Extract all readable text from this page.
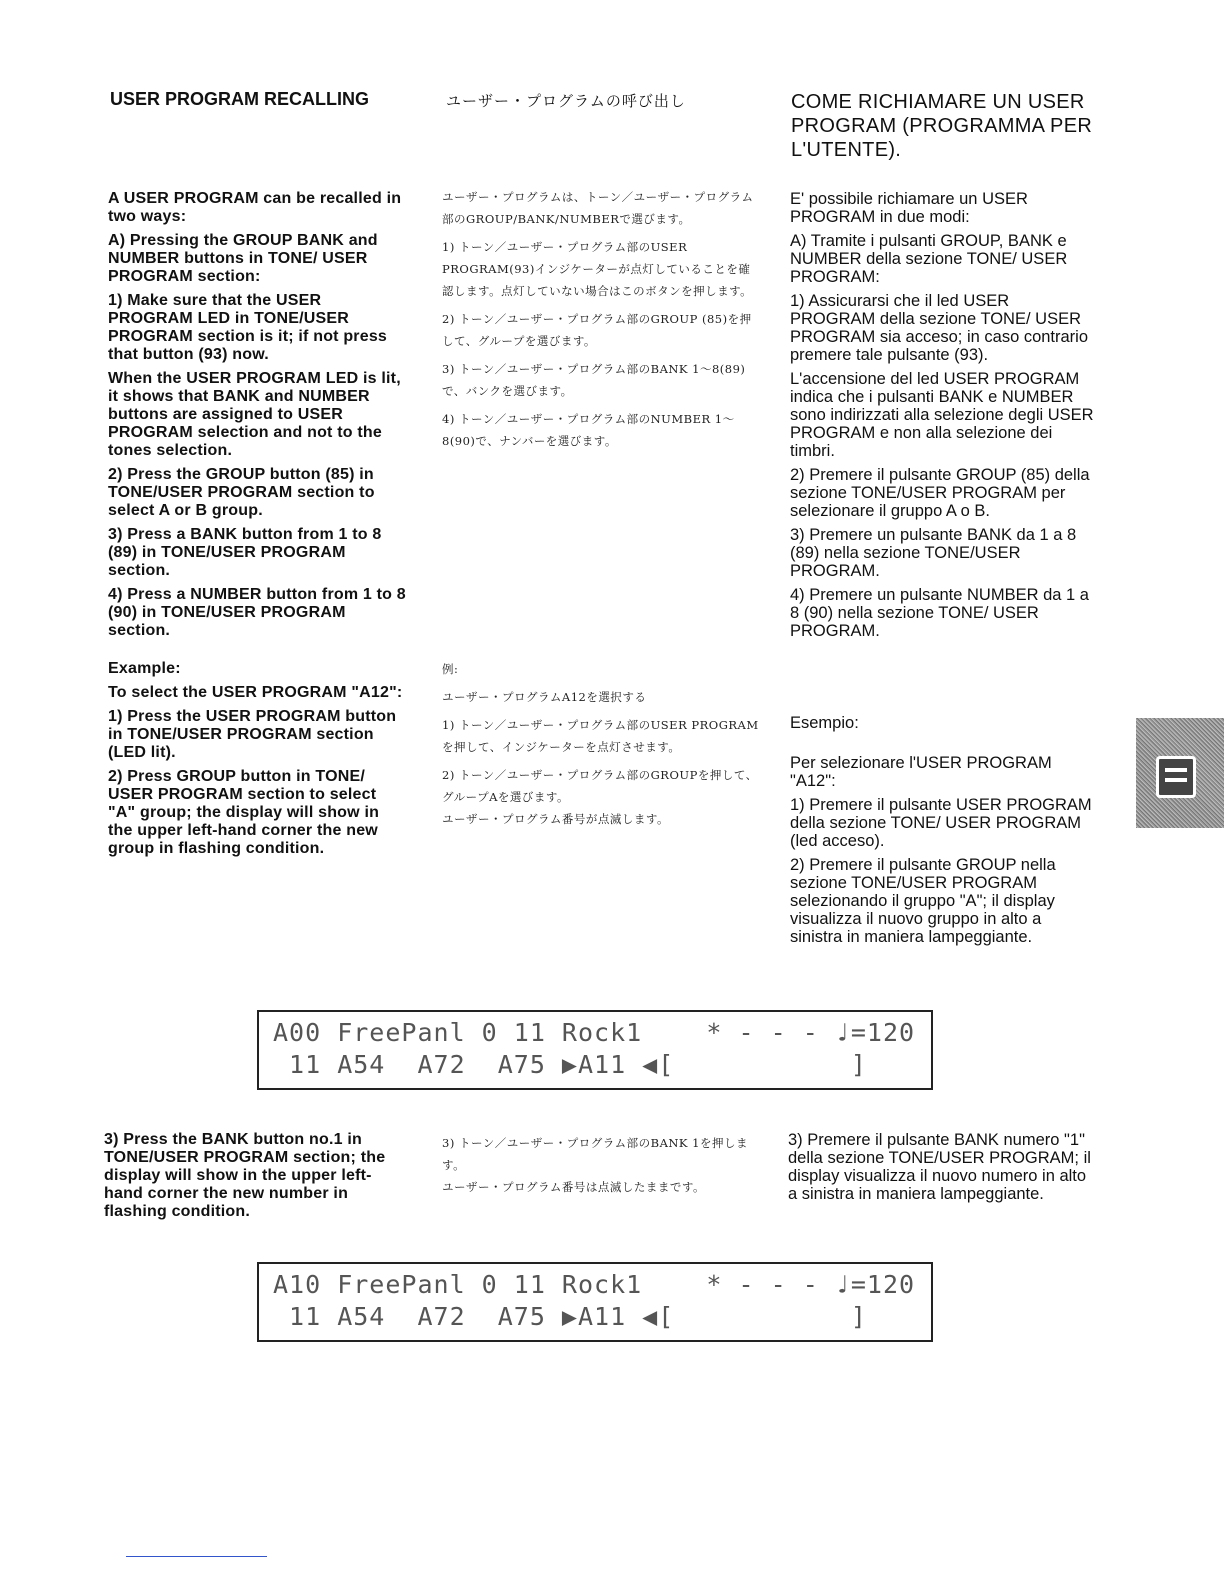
USER PROGRAM RECALLING	ユーザー・プログラムの呼び出し	COME RICHIAMARE UN USER PROGRAM (PROGRAMMA PER L'UTENTE).

A USER PROGRAM can be recalled in two ways:

A) Pressing the GROUP BANK and NUMBER buttons in TONE/ USER PROGRAM section:

1) Make sure that the USER PROGRAM LED in TONE/USER PROGRAM section is it; if not press that button (93) now.

When the USER PROGRAM LED is lit, it shows that BANK and NUMBER buttons are assigned to USER PROGRAM selection and not to the tones selection.

2) Press the GROUP button (85) in TONE/USER PROGRAM section to select A or B group.

3) Press a BANK button from 1 to 8 (89) in TONE/USER PROGRAM section.

4) Press a NUMBER button from 1 to 8 (90) in TONE/USER PROGRAM section.

Example:

To select the USER PROGRAM "A12":

1) Press the USER PROGRAM button in TONE/USER PROGRAM section (LED lit).

2) Press GROUP button in TONE/ USER PROGRAM section to select "A" group; the display will show in the upper left-hand corner the new group in flashing condition.

3) Press the BANK button no.1 in TONE/USER PROGRAM section; the display will show in the upper left-hand corner the new number in flashing condition.

ユーザー・プログラムは、トーン／ユーザー・プログラム部のGROUP/BANK/NUMBERで選びます。

1) トーン／ユーザー・プログラム部のUSER PROGRAM(93)インジケーターが点灯していることを確認します。点灯していない場合はこのボタンを押します。

2) トーン／ユーザー・プログラム部のGROUP (85)を押して、グループを選びます。

3) トーン／ユーザー・プログラム部のBANK 1～8(89)で、バンクを選びます。

4) トーン／ユーザー・プログラム部のNUMBER 1～8(90)で、ナンバーを選びます。

例:

ユーザー・プログラムA12を選択する

1) トーン／ユーザー・プログラム部のUSER PROGRAMを押して、インジケーターを点灯させます。

2) トーン／ユーザー・プログラム部のGROUPを押して、グループAを選びます。

ユーザー・プログラム番号が点滅します。

3) トーン／ユーザー・プログラム部のBANK 1を押します。

ユーザー・プログラム番号は点滅したままです。

E' possibile richiamare un USER PROGRAM in due modi:

A) Tramite i pulsanti GROUP, BANK e NUMBER della sezione TONE/ USER PROGRAM:

1) Assicurarsi che il led USER PROGRAM della sezione TONE/ USER PROGRAM sia acceso; in caso contrario premere tale pulsante (93).

L'accensione del led USER PROGRAM indica che i pulsanti BANK e NUMBER sono indirizzati alla selezione degli USER PROGRAM e non alla selezione dei timbri.

2) Premere il pulsante GROUP (85) della sezione TONE/USER PROGRAM per selezionare il gruppo A o B.

3) Premere un pulsante BANK da 1 a 8 (89) nella sezione TONE/USER PROGRAM.

4) Premere un pulsante NUMBER da 1 a 8 (90) nella sezione TONE/ USER PROGRAM.

Esempio:

Per selezionare l'USER PROGRAM "A12":

1) Premere il pulsante USER PROGRAM della sezione TONE/ USER PROGRAM (led acceso).

2) Premere il pulsante GROUP nella sezione TONE/USER PROGRAM selezionando il gruppo "A"; il display visualizza il nuovo gruppo in alto a sinistra in maniera lampeggiante.

3) Premere il pulsante BANK numero "1" della sezione TONE/USER PROGRAM; il display visualizza il nuovo numero in alto a sinistra in maniera lampeggiante.
A00 FreePanl 0 11 Rock1    * - - - ♩=120
11 A54  A72  A75 ▶A11 ◀[           ]
A10 FreePanl 0 11 Rock1    * - - - ♩=120
11 A54  A72  A75 ▶A11 ◀[           ]
